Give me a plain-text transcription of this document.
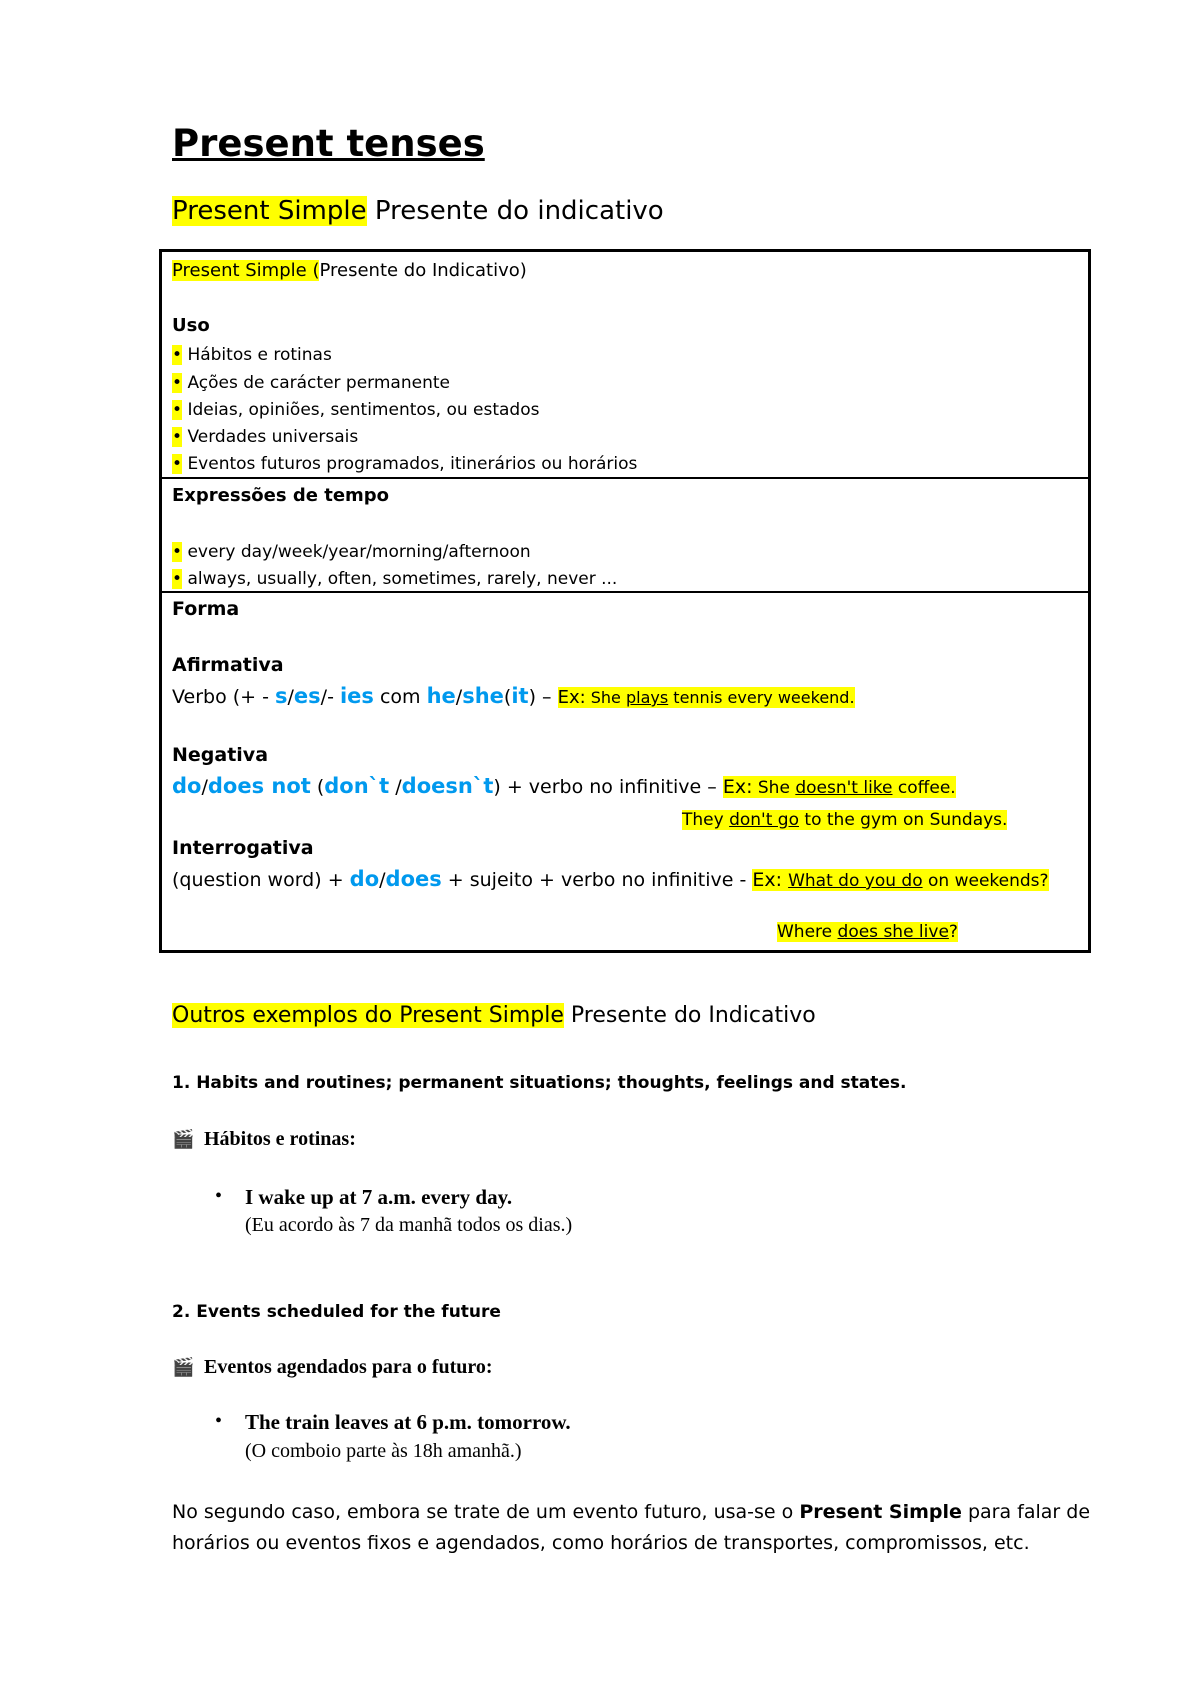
Present tenses
Present Simple Presente do indicativo
Present Simple (Presente do Indicativo)
Uso
• Hábitos e rotinas
• Ações de carácter permanente
• Ideias, opiniões, sentimentos, ou estados
• Verdades universais
• Eventos futuros programados, itinerários ou horários
Expressões de tempo
• every day/week/year/morning/afternoon
• always, usually, often, sometimes, rarely, never ...
Forma
Afirmativa
Verbo (+ - s/es/- ies com he/she(it) – Ex: She plays tennis every weekend.
Negativa
do/does not (don`t /doesn`t) + verbo no infinitive – Ex: She doesn't like coffee.
They don't go to the gym on Sundays.
Interrogativa
(question word) + do/does + sujeito + verbo no infinitive - Ex: What do you do on weekends?
Where does she live?
Outros exemplos do Present Simple Presente do Indicativo
1. Habits and routines; permanent situations; thoughts, feelings and states.
🎬 Hábitos e rotinas:
• I wake up at 7 a.m. every day.
(Eu acordo às 7 da manhã todos os dias.)
2. Events scheduled for the future
🎬 Eventos agendados para o futuro:
• The train leaves at 6 p.m. tomorrow.
(O comboio parte às 18h amanhã.)
No segundo caso, embora se trate de um evento futuro, usa-se o Present Simple para falar de
horários ou eventos fixos e agendados, como horários de transportes, compromissos, etc.
